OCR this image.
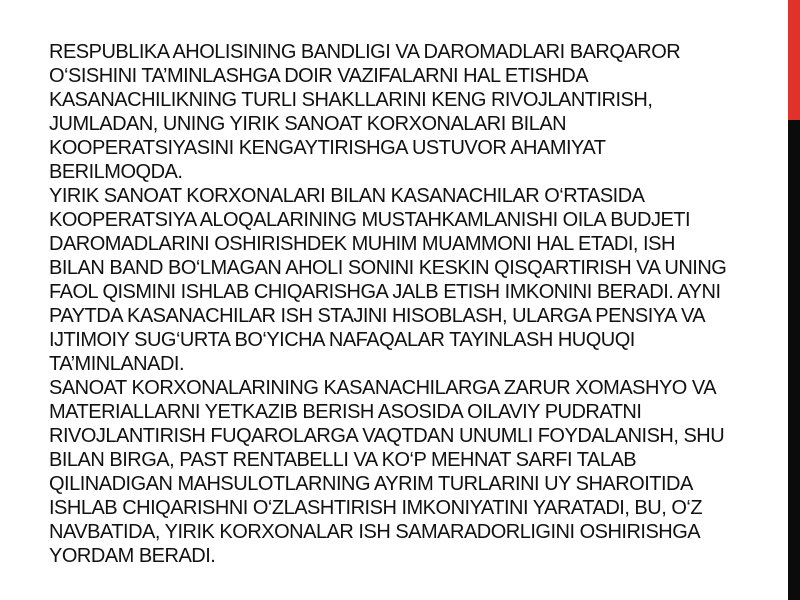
RESPUBLIKA AHOLISINING BANDLIGI VA DAROMADLARI BARQAROR
O‘SISHINI TA’MINLASHGA DOIR VAZIFALARNI HAL ETISHDA
KASANACHILIKNING TURLI SHAKLLARINI KENG RIVOJLANTIRISH,
JUMLADAN, UNING YIRIK SANOAT KORXONALARI BILAN
KOOPERATSIYASINI KENGAYTIRISHGA USTUVOR AHAMIYAT
BERILMOQDA.

YIRIK SANOAT KORXONALARI BILAN KASANACHILAR O‘RTASIDA
KOOPERATSIYA ALOQALARINING MUSTAHKAMLANISHI OILA BUDJETI
DAROMADLARINI OSHIRISHDEK MUHIM MUAMMONI HAL ETADI, ISH
BILAN BAND BO‘LMAGAN AHOLI SONINI KESKIN QISQARTIRISH VA UNING
FAOL QISMINI ISHLAB CHIQARISHGA JALB ETISH IMKONINI BERADI. AYNI
PAYTDA KASANACHILAR ISH STAJINI HISOBLASH, ULARGA PENSIYA VA
IJTIMOIY SUG‘URTA BO‘YICHA NAFAQALAR TAYINLASH HUQUQI
TA’MINLANADI.

SANOAT KORXONALARINING KASANACHILARGA ZARUR XOMASHYO VA
MATERIALLARNI YETKAZIB BERISH ASOSIDA OILAVIY PUDRATNI
RIVOJLANTIRISH FUQAROLARGA VAQTDAN UNUMLI FOYDALANISH, SHU
BILAN BIRGA, PAST RENTABELLI VA KO‘P MEHNAT SARFI TALAB
QILINADIGAN MAHSULOTLARNING AYRIM TURLARINI UY SHAROITIDA
ISHLAB CHIQARISHNI O‘ZLASHTIRISH IMKONIYATINI YARATADI, BU, O‘Z
NAVBATIDA, YIRIK KORXONALAR ISH SAMARADORLIGINI OSHIRISHGA
YORDAM BERADI.
